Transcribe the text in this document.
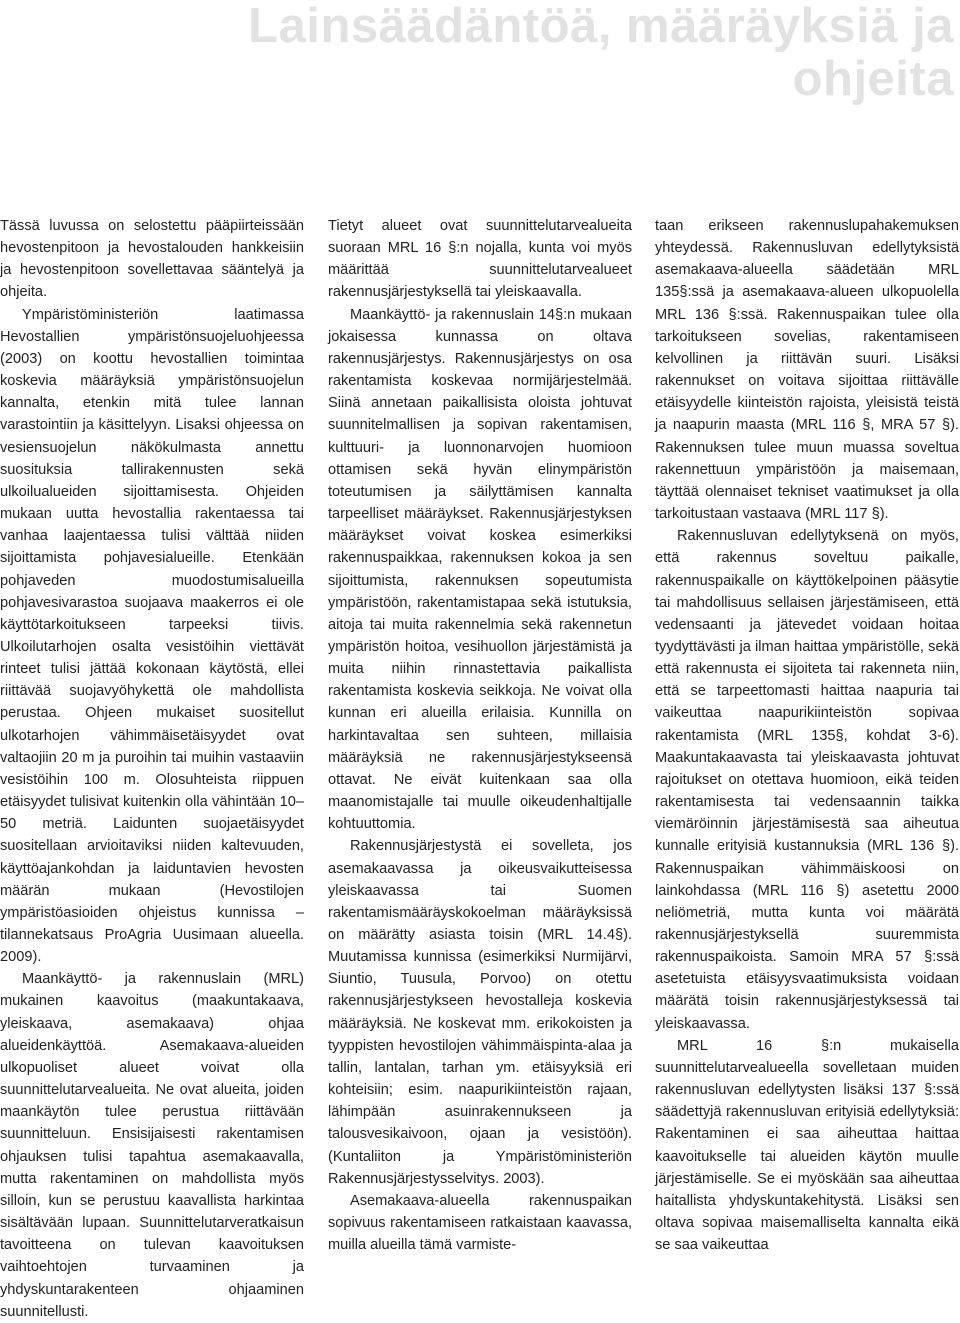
Lainsäädäntöä, määräyksiä ja
ohjeita

Tässä luvussa on selostettu pääpiirteissään hevostenpitoon ja hevostalouden hankkeisiin ja hevostenpitoon sovellettavaa sääntelyä ja ohjeita.

Ympäristöministeriön laatimassa Hevostallien ympäristönsuojeluohjeessa (2003) on koottu hevostallien toimintaa koskevia määräyksiä ympäristönsuojelun kannalta, etenkin mitä tulee lannan varastointiin ja käsittelyyn. Lisaksi ohjeessa on vesiensuojelun näkökulmasta annettu suosituksia tallirakennusten sekä ulkoilualueiden sijoittamisesta. Ohjeiden mukaan uutta hevostallia rakentaessa tai vanhaa laajentaessa tulisi välttää niiden sijoittamista pohjavesialueille. Etenkään pohjaveden muodostumisalueilla pohjavesivarastoa suojaava maakerros ei ole käyttötarkoitukseen tarpeeksi tiivis. Ulkoilutarhojen osalta vesistöihin viettävät rinteet tulisi jättää kokonaan käytöstä, ellei riittävää suojavyöhykettä ole mahdollista perustaa. Ohjeen mukaiset suositellut ulkotarhojen vähimmäisetäisyydet ovat valtaojiin 20 m ja puroihin tai muihin vastaaviin vesistöihin 100 m. Olosuhteista riippuen etäisyydet tulisivat kuitenkin olla vähintään 10–50 metriä. Laidunten suojaetäisyydet suositellaan arvioitaviksi niiden kaltevuuden, käyttöajankohdan ja laiduntavien hevosten määrän mukaan (Hevostilojen ympäristöasioiden ohjeistus kunnissa – tilannekatsaus ProAgria Uusimaan alueella. 2009).

Maankäyttö- ja rakennuslain (MRL) mukainen kaavoitus (maakuntakaava, yleiskaava, asemakaava) ohjaa alueidenkäyttöä. Asemakaava-alueiden ulkopuoliset alueet voivat olla suunnittelutarvealueita. Ne ovat alueita, joiden maankäytön tulee perustua riittävään suunnitteluun. Ensisijaisesti rakentamisen ohjauksen tulisi tapahtua asemakaavalla, mutta rakentaminen on mahdollista myös silloin, kun se perustuu kaavallista harkintaa sisältävään lupaan. Suunnittelutarveratkaisun tavoitteena on tulevan kaavoituksen vaihtoehtojen turvaaminen ja yhdyskuntarakenteen ohjaaminen suunnitellusti.

Tietyt alueet ovat suunnittelutarvealueita suoraan MRL 16 §:n nojalla, kunta voi myös määrittää suunnittelutarvealueet rakennusjärjestyksellä tai yleiskaavalla.

Maankäyttö- ja rakennuslain 14§:n mukaan jokaisessa kunnassa on oltava rakennusjärjestys. Rakennusjärjestys on osa rakentamista koskevaa normijärjestelmää. Siinä annetaan paikallisista oloista johtuvat suunnitelmallisen ja sopivan rakentamisen, kulttuuri- ja luonnonarvojen huomioon ottamisen sekä hyvän elinympäristön toteutumisen ja säilyttämisen kannalta tarpeelliset määräykset. Rakennusjärjestyksen määräykset voivat koskea esimerkiksi rakennuspaikkaa, rakennuksen kokoa ja sen sijoittumista, rakennuksen sopeutumista ympäristöön, rakentamistapaa sekä istutuksia, aitoja tai muita rakennelmia sekä rakennetun ympäristön hoitoa, vesihuollon järjestämistä ja muita niihin rinnastettavia paikallista rakentamista koskevia seikkoja. Ne voivat olla kunnan eri alueilla erilaisia. Kunnilla on harkintavaltaa sen suhteen, millaisia määräyksiä ne rakennusjärjestykseensä ottavat. Ne eivät kuitenkaan saa olla maanomistajalle tai muulle oikeudenhaltijalle kohtuuttomia.

Rakennusjärjestystä ei sovelleta, jos asemakaavassa ja oikeusvaikutteisessa yleiskaavassa tai Suomen rakentamismääräyskokoelman määräyksissä on määrätty asiasta toisin (MRL 14.4§). Muutamissa kunnissa (esimerkiksi Nurmijärvi, Siuntio, Tuusula, Porvoo) on otettu rakennusjärjestykseen hevostalleja koskevia määräyksiä. Ne koskevat mm. erikokoisten ja tyyppisten hevostilojen vähimmäispinta-alaa ja tallin, lantalan, tarhan ym. etäisyyksiä eri kohteisiin; esim. naapurikiinteistön rajaan, lähimpään asuinrakennukseen ja talousvesikaivoon, ojaan ja vesistöön). (Kuntaliiton ja Ympäristöministeriön Rakennusjärjestysselvitys. 2003).

Asemakaava-alueella rakennuspaikan sopivuus rakentamiseen ratkaistaan kaavassa, muilla alueilla tämä varmiste-

taan erikseen rakennuslupahakemuksen yhteydessä. Rakennusluvan edellytyksistä asemakaava-alueella säädetään MRL 135§:ssä ja asemakaava-alueen ulkopuolella MRL 136 §:ssä. Rakennuspaikan tulee olla tarkoitukseen sovelias, rakentamiseen kelvollinen ja riittävän suuri. Lisäksi rakennukset on voitava sijoittaa riittävälle etäisyydelle kiinteistön rajoista, yleisistä teistä ja naapurin maasta (MRL 116 §, MRA 57 §). Rakennuksen tulee muun muassa soveltua rakennettuun ympäristöön ja maisemaan, täyttää olennaiset tekniset vaatimukset ja olla tarkoitustaan vastaava (MRL 117 §).

Rakennusluvan edellytyksenä on myös, että rakennus soveltuu paikalle, rakennuspaikalle on käyttökelpoinen pääsytie tai mahdollisuus sellaisen järjestämiseen, että vedensaanti ja jätevedet voidaan hoitaa tyydyttävästi ja ilman haittaa ympäristölle, sekä että rakennusta ei sijoiteta tai rakenneta niin, että se tarpeettomasti haittaa naapuria tai vaikeuttaa naapurikiinteistön sopivaa rakentamista (MRL 135§, kohdat 3-6). Maakuntakaavasta tai yleiskaavasta johtuvat rajoitukset on otettava huomioon, eikä teiden rakentamisesta tai vedensaannin taikka viemäröinnin järjestämisestä saa aiheutua kunnalle erityisiä kustannuksia (MRL 136 §). Rakennuspaikan vähimmäiskoosi on lainkohdassa (MRL 116 §) asetettu 2000 neliömetriä, mutta kunta voi määrätä rakennusjärjestyksellä suuremmista rakennuspaikoista. Samoin MRA 57 §:ssä asetetuista etäisyysvaatimuksista voidaan määrätä toisin rakennusjärjestyksessä tai yleiskaavassa.

MRL 16 §:n mukaisella suunnittelutarvealueella sovelletaan muiden rakennusluvan edellytysten lisäksi 137 §:ssä säädettyjä rakennusluvan erityisiä edellytyksiä: Rakentaminen ei saa aiheuttaa haittaa kaavoitukselle tai alueiden käytön muulle järjestämiselle. Se ei myöskään saa aiheuttaa haitallista yhdyskuntakehitystä. Lisäksi sen oltava sopivaa maisemalliselta kannalta eikä se saa vaikeuttaa
